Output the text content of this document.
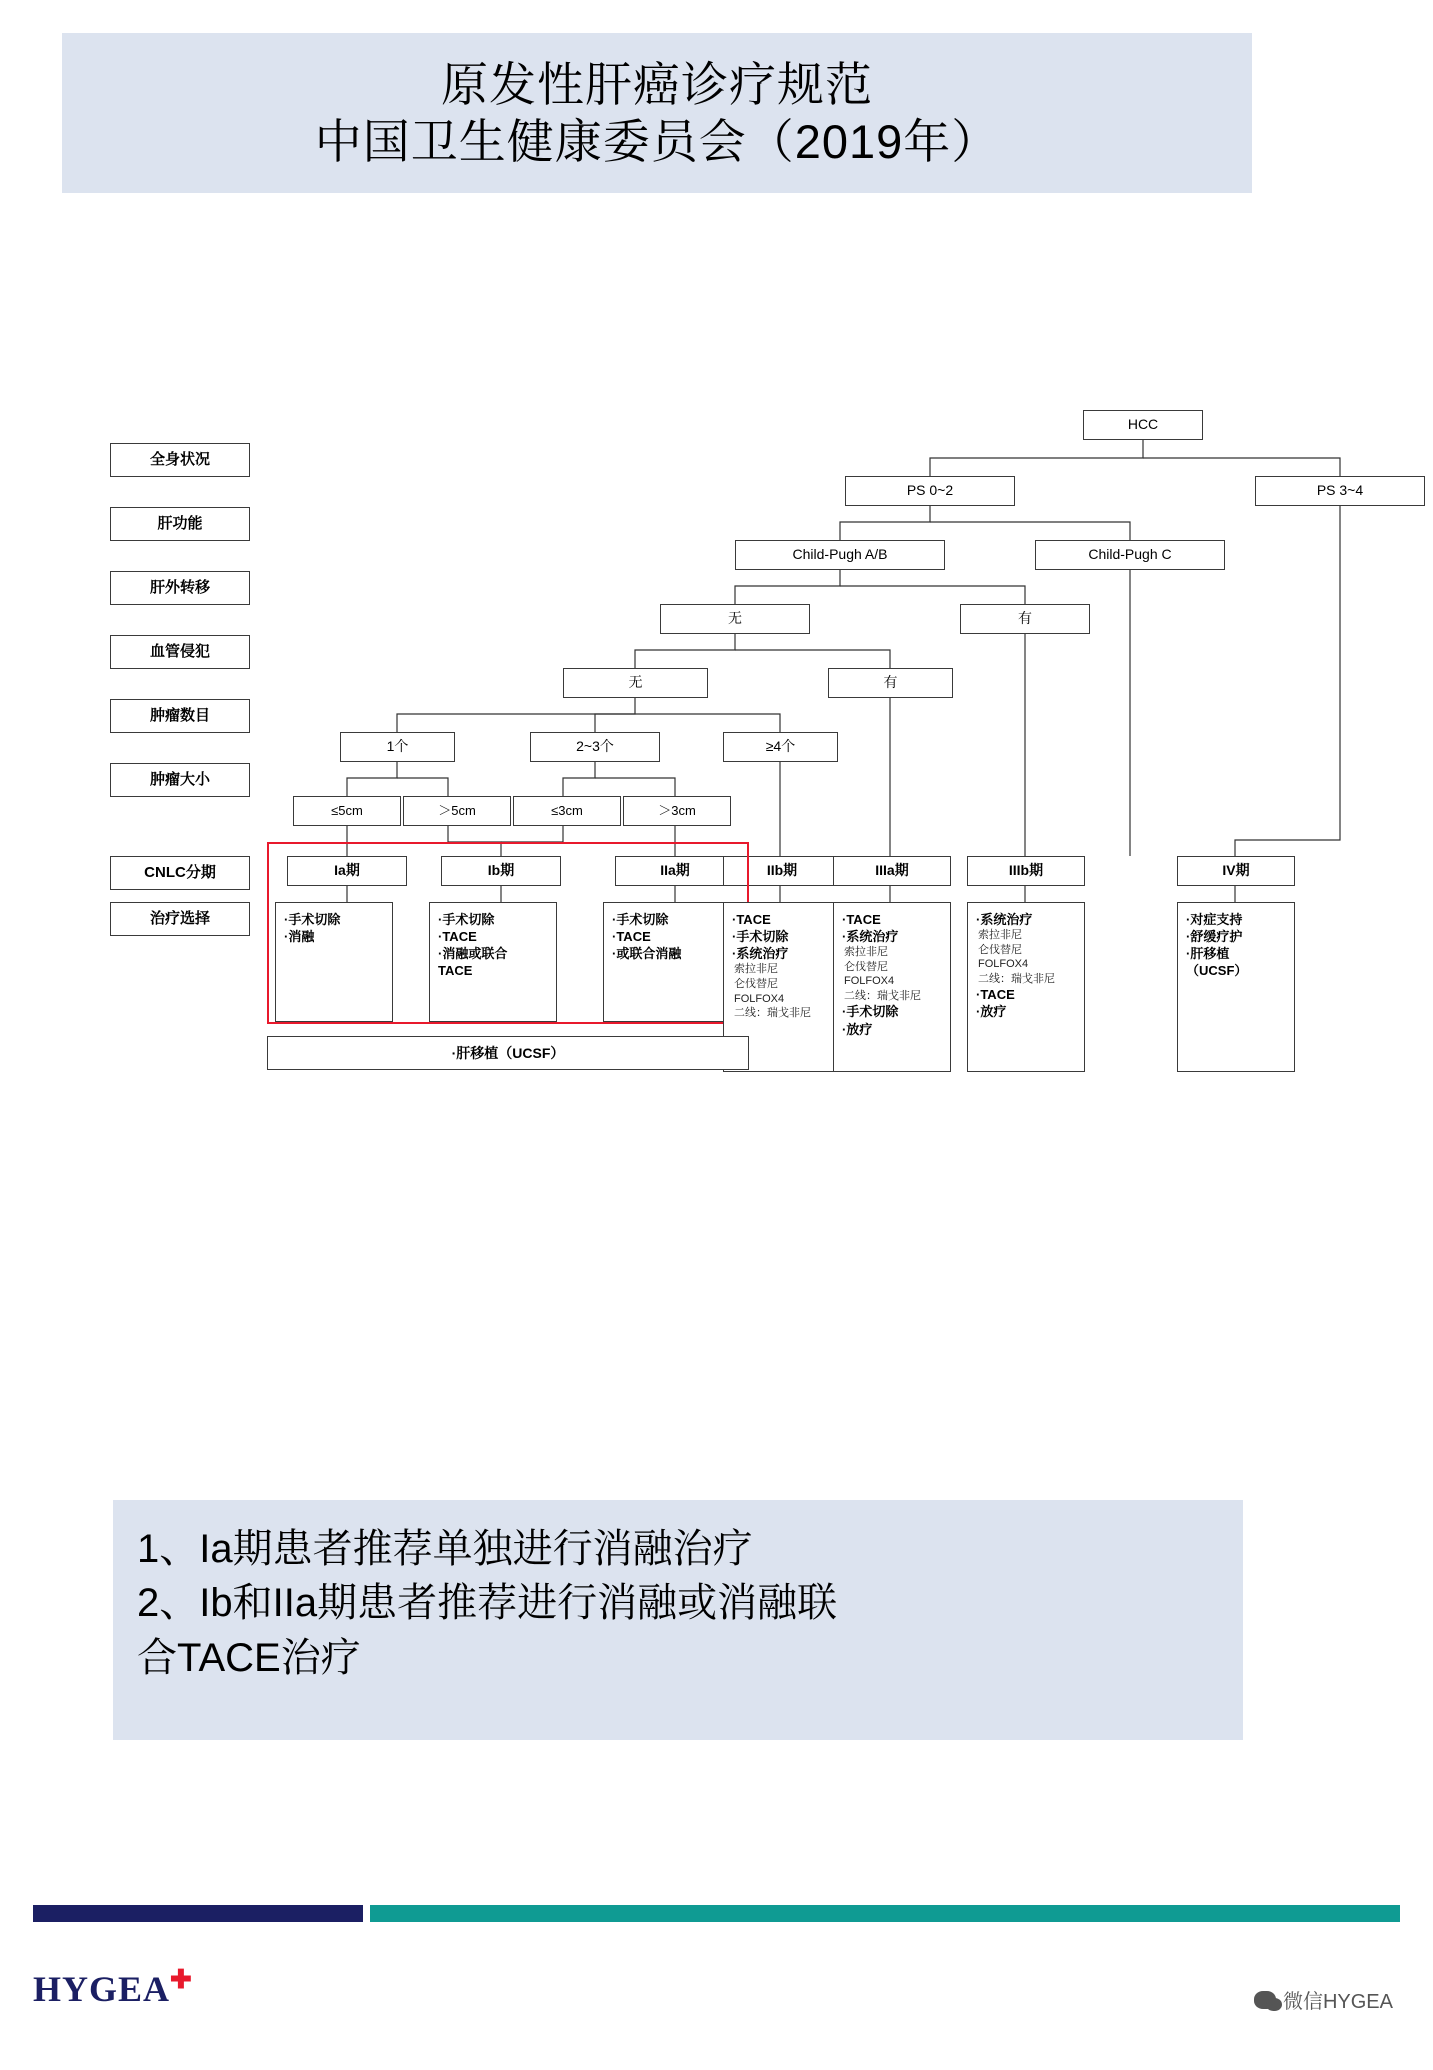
原发性肝癌诊疗规范
中国卫生健康委员会（2019年）
全身状况
肝功能
肝外转移
血管侵犯
肿瘤数目
肿瘤大小
CNLC分期
治疗选择
HCC
PS 0~2	PS 3~4
Child-Pugh A/B	Child-Pugh C
无	有
无	有
1个	2~3个	≥4个
≤5cm	＞5cm	≤3cm	＞3cm
Ia期	Ib期	IIa期	IIb期	IIIa期	IIIb期	IV期
·手术切除
·消融
·手术切除
·TACE
·消融或联合
TACE
·手术切除
·TACE
·或联合消融
·TACE
·手术切除
·系统治疗
索拉非尼
仑伐替尼
FOLFOX4
二线：瑞戈非尼
·TACE
·系统治疗
索拉非尼
仑伐替尼
FOLFOX4
二线：瑞戈非尼
·手术切除
·放疗
·系统治疗
索拉非尼
仑伐替尼
FOLFOX4
二线：瑞戈非尼
·TACE
·放疗
·对症支持
·舒缓疗护
·肝移植
（UCSF）
·肝移植（UCSF）
1、Ia期患者推荐单独进行消融治疗
2、Ib和IIa期患者推荐进行消融或消融联
合TACE治疗
HYGEA✚
微信HYGEA
